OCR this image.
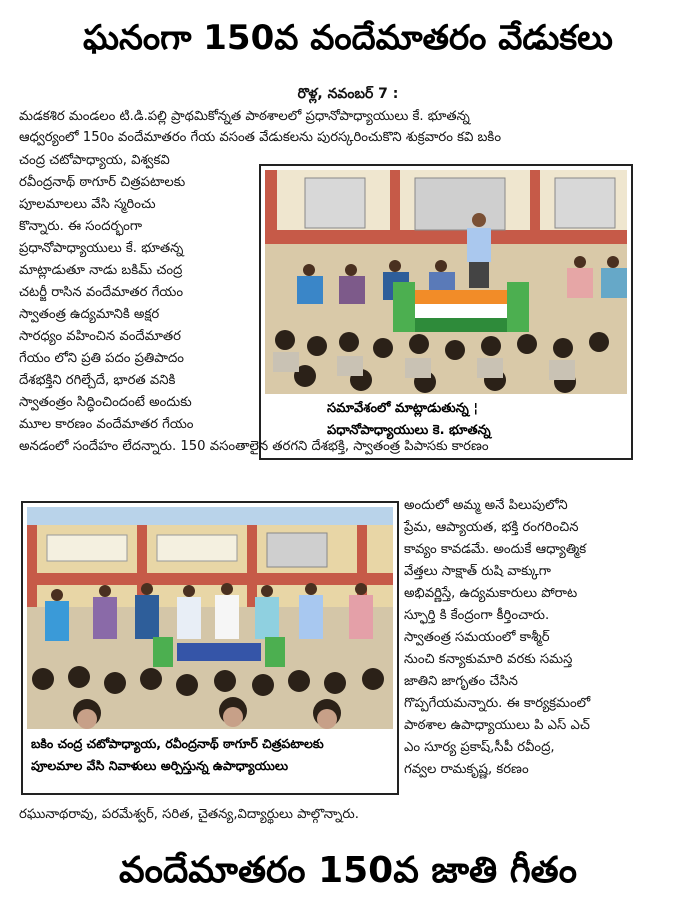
ఘనంగా 150వ వందేమాతరం వేడుకలు
రొళ్ల, నవంబర్ 7 :
మడకశిర మండలం టి.డి.పల్లి ప్రాథమికోన్నత పాఠశాలలో ప్రధానోపాధ్యాయులు కే. భూతన్న
ఆధ్వర్యంలో 150ం వందేమాతరం గేయ వసంత వేడుకలను పురస్కరించుకొని శుక్రవారం కవి బకిం
చంద్ర చటోపాధ్యాయ, విశ్వకవి
రవీంద్రనాథ్ ఠాగూర్ చిత్రపటాలకు
పూలమాలలు వేసి స్మరించు
కొన్నారు. ఈ సందర్భంగా
ప్రధానోపాధ్యాయులు కే. భూతన్న
మాట్లాడుతూ నాడు బకిమ్ చంద్ర
చటర్జీ రాసిన వందేమాతర గేయం
స్వాతంత్ర ఉద్యమానికి అక్షర
సారధ్యం వహించిన వందేమాతర
గేయం లోని ప్రతి పదం ప్రతిపాదం
దేశభక్తిని రగిల్చేదే, భారత వనికి
స్వాతంత్రం సిద్ధించిందంటే అందుకు
మూల కారణం వందేమాతర గేయం
సమావేశంలో మాట్లాడుతున్న ¦
పధానోపాధ్యాయులు కె. భూతన్న
అనడంలో సందేహం లేదన్నారు. 150 వసంతాలైన తరగని దేశభక్తి, స్వాతంత్ర పిపాసకు కారణం
బకిం చంద్ర చటోపాధ్యాయ, రవీంద్రనాథ్ ఠాగూర్ చిత్రపటాలకు
పూలమాల వేసి నివాళులు అర్పిస్తున్న ఉపాధ్యాయులు
అందులో అమ్మ అనే పిలుపులోని
ప్రేమ, ఆప్యాయత, భక్తి రంగరించిన
కావ్యం కావడమే. అందుకే ఆధ్యాత్మిక
వేత్తలు సాక్షాత్ రుషి వాక్కుగా
అభివర్ణిస్తే, ఉద్యమకారులు పోరాట
స్ఫూర్తి కి కేంద్రంగా కీర్తించారు.
స్వాతంత్ర సమయంలో కాశ్మీర్
నుంచి కన్యాకుమారి వరకు సమస్త
జాతిని జాగృతం చేసిన
గొప్పగేయమన్నారు. ఈ కార్యక్రమంలో
పాఠశాల ఉపాధ్యాయులు పి ఎస్ ఎచ్
ఎం సూర్య ప్రకాష్,సీపీ రవీంద్ర,
గవ్వల రామకృష్ణ, కరణం
రఘునాథరావు, పరమేశ్వర్, సరిత, చైతన్య,విద్యార్థులు పాల్గొన్నారు.
వందేమాతరం 150వ జాతి గీతం
